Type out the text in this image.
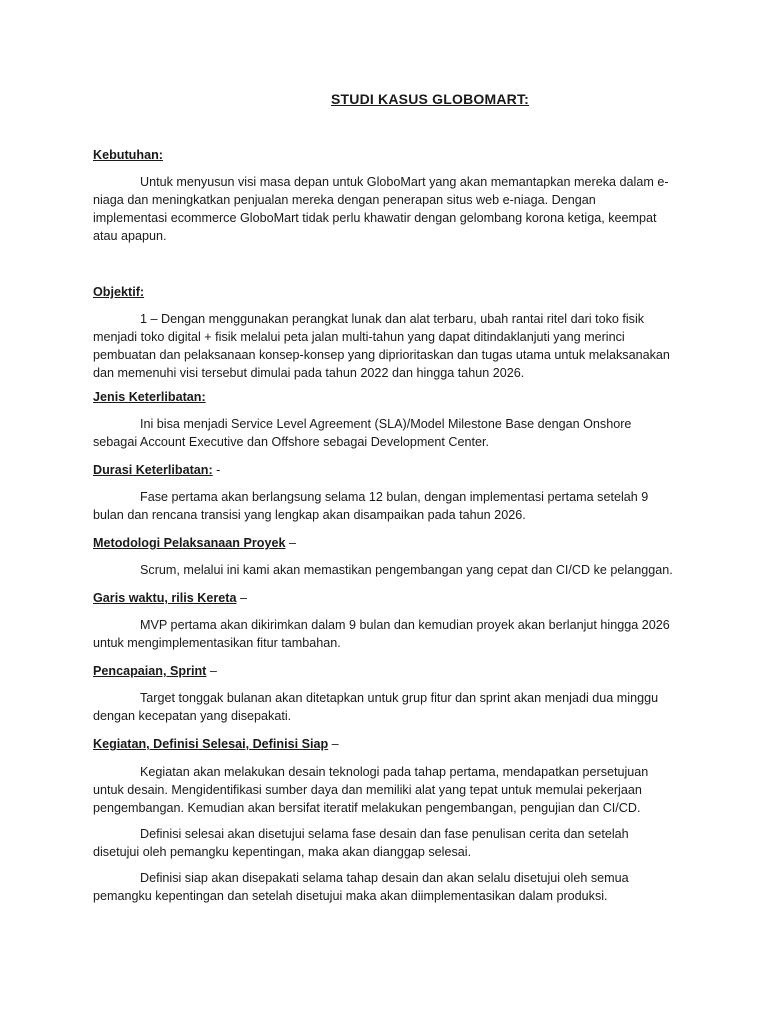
STUDI KASUS GLOBOMART:

Kebutuhan:

Untuk menyusun visi masa depan untuk GloboMart yang akan memantapkan mereka dalam e-niaga dan meningkatkan penjualan mereka dengan penerapan situs web e-niaga. Dengan implementasi ecommerce GloboMart tidak perlu khawatir dengan gelombang korona ketiga, keempat atau apapun.

Objektif:

1 – Dengan menggunakan perangkat lunak dan alat terbaru, ubah rantai ritel dari toko fisik menjadi toko digital + fisik melalui peta jalan multi-tahun yang dapat ditindaklanjuti yang merinci pembuatan dan pelaksanaan konsep-konsep yang diprioritaskan dan tugas utama untuk melaksanakan dan memenuhi visi tersebut dimulai pada tahun 2022 dan hingga tahun 2026.

Jenis Keterlibatan:

Ini bisa menjadi Service Level Agreement (SLA)/Model Milestone Base dengan Onshore sebagai Account Executive dan Offshore sebagai Development Center.

Durasi Keterlibatan: -

Fase pertama akan berlangsung selama 12 bulan, dengan implementasi pertama setelah 9 bulan dan rencana transisi yang lengkap akan disampaikan pada tahun 2026.

Metodologi Pelaksanaan Proyek –

Scrum, melalui ini kami akan memastikan pengembangan yang cepat dan CI/CD ke pelanggan.

Garis waktu, rilis Kereta –

MVP pertama akan dikirimkan dalam 9 bulan dan kemudian proyek akan berlanjut hingga 2026 untuk mengimplementasikan fitur tambahan.

Pencapaian, Sprint –

Target tonggak bulanan akan ditetapkan untuk grup fitur dan sprint akan menjadi dua minggu dengan kecepatan yang disepakati.

Kegiatan, Definisi Selesai, Definisi Siap –

Kegiatan akan melakukan desain teknologi pada tahap pertama, mendapatkan persetujuan untuk desain. Mengidentifikasi sumber daya dan memiliki alat yang tepat untuk memulai pekerjaan pengembangan. Kemudian akan bersifat iteratif melakukan pengembangan, pengujian dan CI/CD.

Definisi selesai akan disetujui selama fase desain dan fase penulisan cerita dan setelah disetujui oleh pemangku kepentingan, maka akan dianggap selesai.

Definisi siap akan disepakati selama tahap desain dan akan selalu disetujui oleh semua pemangku kepentingan dan setelah disetujui maka akan diimplementasikan dalam produksi.
